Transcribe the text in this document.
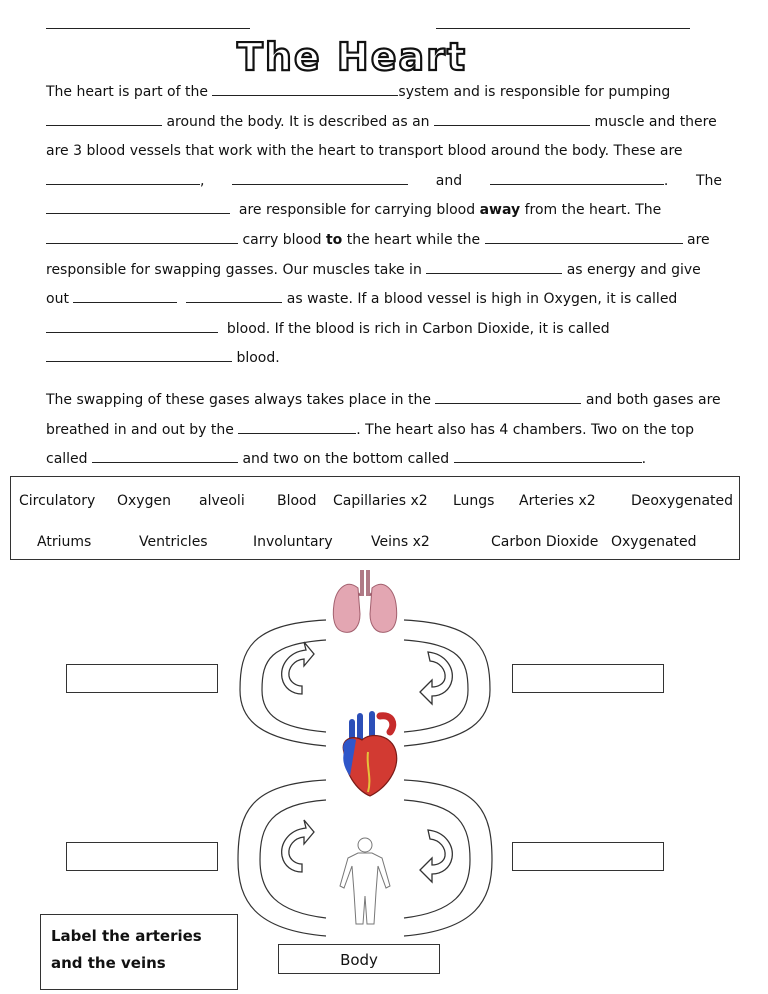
The Heart
The heart is part of the
	system and is responsible for pumping

around the body. It is described as an

	muscle and there
are 3 blood vessels that work with the heart to transport blood around the body. These are
,	and	. The

are responsible for carrying blood
away
from the heart. The

carry blood
to
the heart while the

	are
responsible for swapping gasses. Our muscles take in

	as energy and give
out

	as waste. If a blood vessel is high in Oxygen, it is called

blood. If the blood is rich in Carbon Dioxide, it is called

blood.
The swapping of these gases always takes place in the

	and both gases are
breathed in and out by the
	. The heart also has 4 chambers. Two on the top
called

	and two on the bottom called
	.
Circulatory Oxygen alveoli Blood Capillaries x2 Lungs Arteries x2	Deoxygenated
Atriums	Ventricles	Involuntary	Veins x2	Carbon Dioxide Oxygenated
Label the arteries
and the veins	Body
